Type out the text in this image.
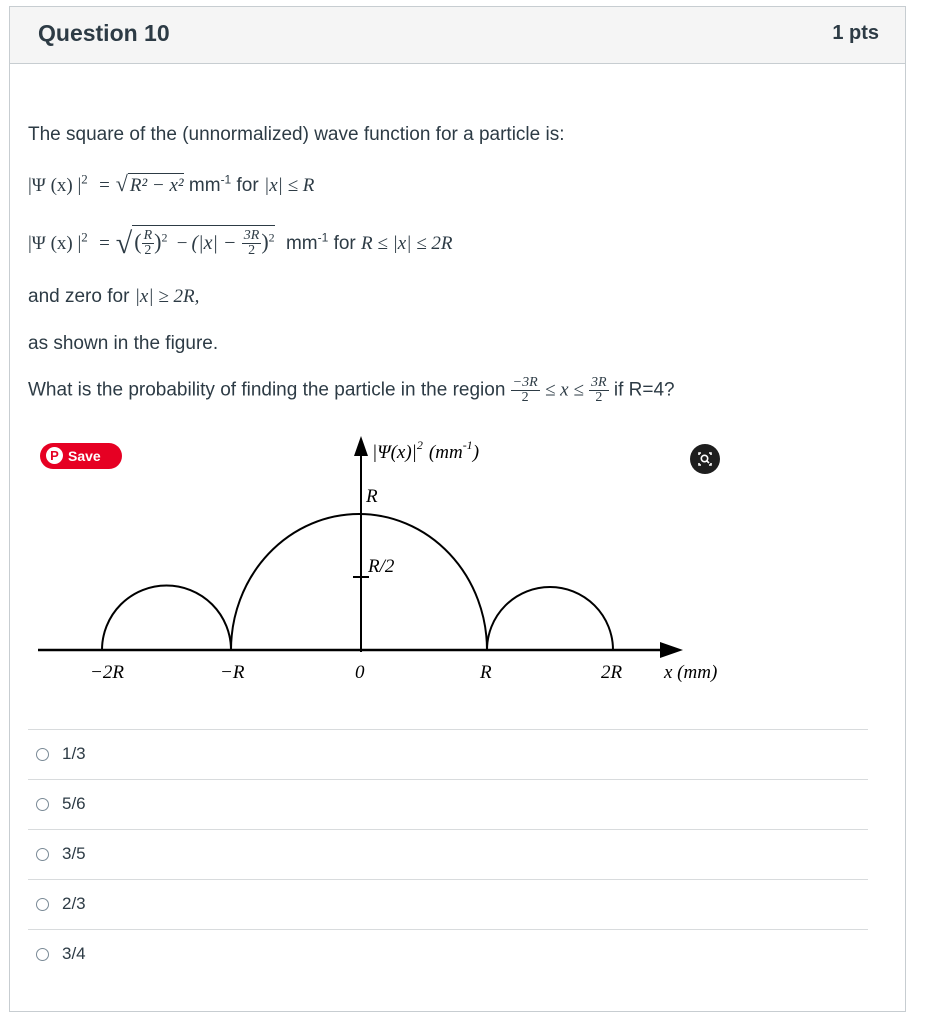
Question 10	1 pts
The square of the (unnormalized) wave function for a particle is:
|Ψ (x) $|^2$ = √ R² − x² $mm^{-1}$ for |x| ≤ R
|Ψ (x) $|^2$ = √( $\frac{R}{2} )^2 - (|x| - \frac{3R}{2} )^2$ $mm^{-1}$ for R ≤ |x| ≤ 2R
and zero for |x| ≥ 2R,
as shown in the figure.
What is the probability of finding the particle in the region $\frac{-3R}{2} \le x \le \frac{3R}{2}$ if R=4?
$|\Psi(x)|^2$ $(mm^{-1})$
R
R/2
x (mm)
−2R	−R	0	R	2R
P Save
1/3
5/6
3/5
2/3
3/4
